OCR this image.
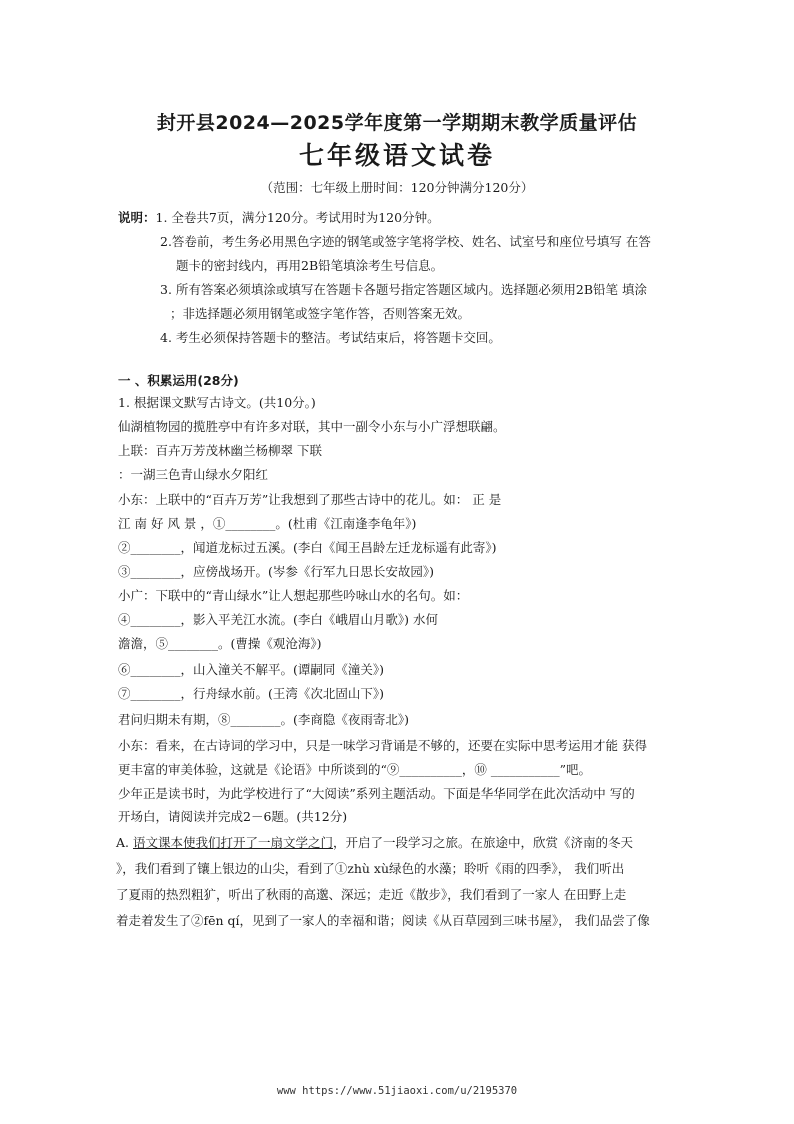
封开县2024—2025学年度第一学期期末教学质量评估
七年级语文试卷
（范围：七年级上册时间：120分钟满分120分）
说明：1. 全卷共7页，满分120分。考试用时为120分钟。
2.答卷前，考生务必用黑色字迹的钢笔或签字笔将学校、姓名、试室号和座位号填写 在答
题卡的密封线内，再用2B铅笔填涂考生号信息。
3. 所有答案必须填涂或填写在答题卡各题号指定答题区域内。选择题必须用2B铅笔 填涂
；非选择题必须用钢笔或签字笔作答，否则答案无效。
4. 考生必须保持答题卡的整洁。考试结束后，将答题卡交回。
一 、积累运用(28分)
1. 根据课文默写古诗文。(共10分。)
仙湖植物园的揽胜亭中有许多对联，其中一副令小东与小广浮想联翩。
上联：百卉万芳茂林幽兰杨柳翠 下联
：一湖三色青山绿水夕阳红
小东：上联中的“百卉万芳”让我想到了那些古诗中的花儿。如： 正 是
江 南 好 风 景 ，①________。(杜甫《江南逢李龟年》)
②________，闻道龙标过五溪。(李白《闻王昌龄左迁龙标遥有此寄》)
③________，应傍战场开。(岑参《行军九日思长安故园》)
小广：下联中的“青山绿水”让人想起那些吟咏山水的名句。如：
④________，影入平羌江水流。(李白《峨眉山月歌》) 水何
澹澹，⑤________。(曹操《观沧海》)
⑥________，山入潼关不解平。(谭嗣同《潼关》)
⑦________，行舟绿水前。(王湾《次北固山下》)
君问归期未有期，⑧________。(李商隐《夜雨寄北》)
小东：看来，在古诗词的学习中，只是一味学习背诵是不够的，还要在实际中思考运用才能 获得
更丰富的审美体验，这就是《论语》中所谈到的“⑨__________，⑩ ___________”吧。
少年正是读书时，为此学校进行了“大阅读”系列主题活动。下面是华华同学在此次活动中 写的
开场白，请阅读并完成2－6题。(共12分)
A. 语文课本使我们打开了一扇文学之门，开启了一段学习之旅。在旅途中，欣赏《济南的冬天
》，我们看到了镶上银边的山尖，看到了①zhù xù绿色的水藻；聆听《雨的四季》， 我们听出
了夏雨的热烈粗犷，听出了秋雨的高邈、深远；走近《散步》，我们看到了一家人 在田野上走
着走着发生了②fēn qí，见到了一家人的幸福和谐；阅读《从百草园到三味书屋》， 我们品尝了像
www https://www.51jiaoxi.com/u/2195370
